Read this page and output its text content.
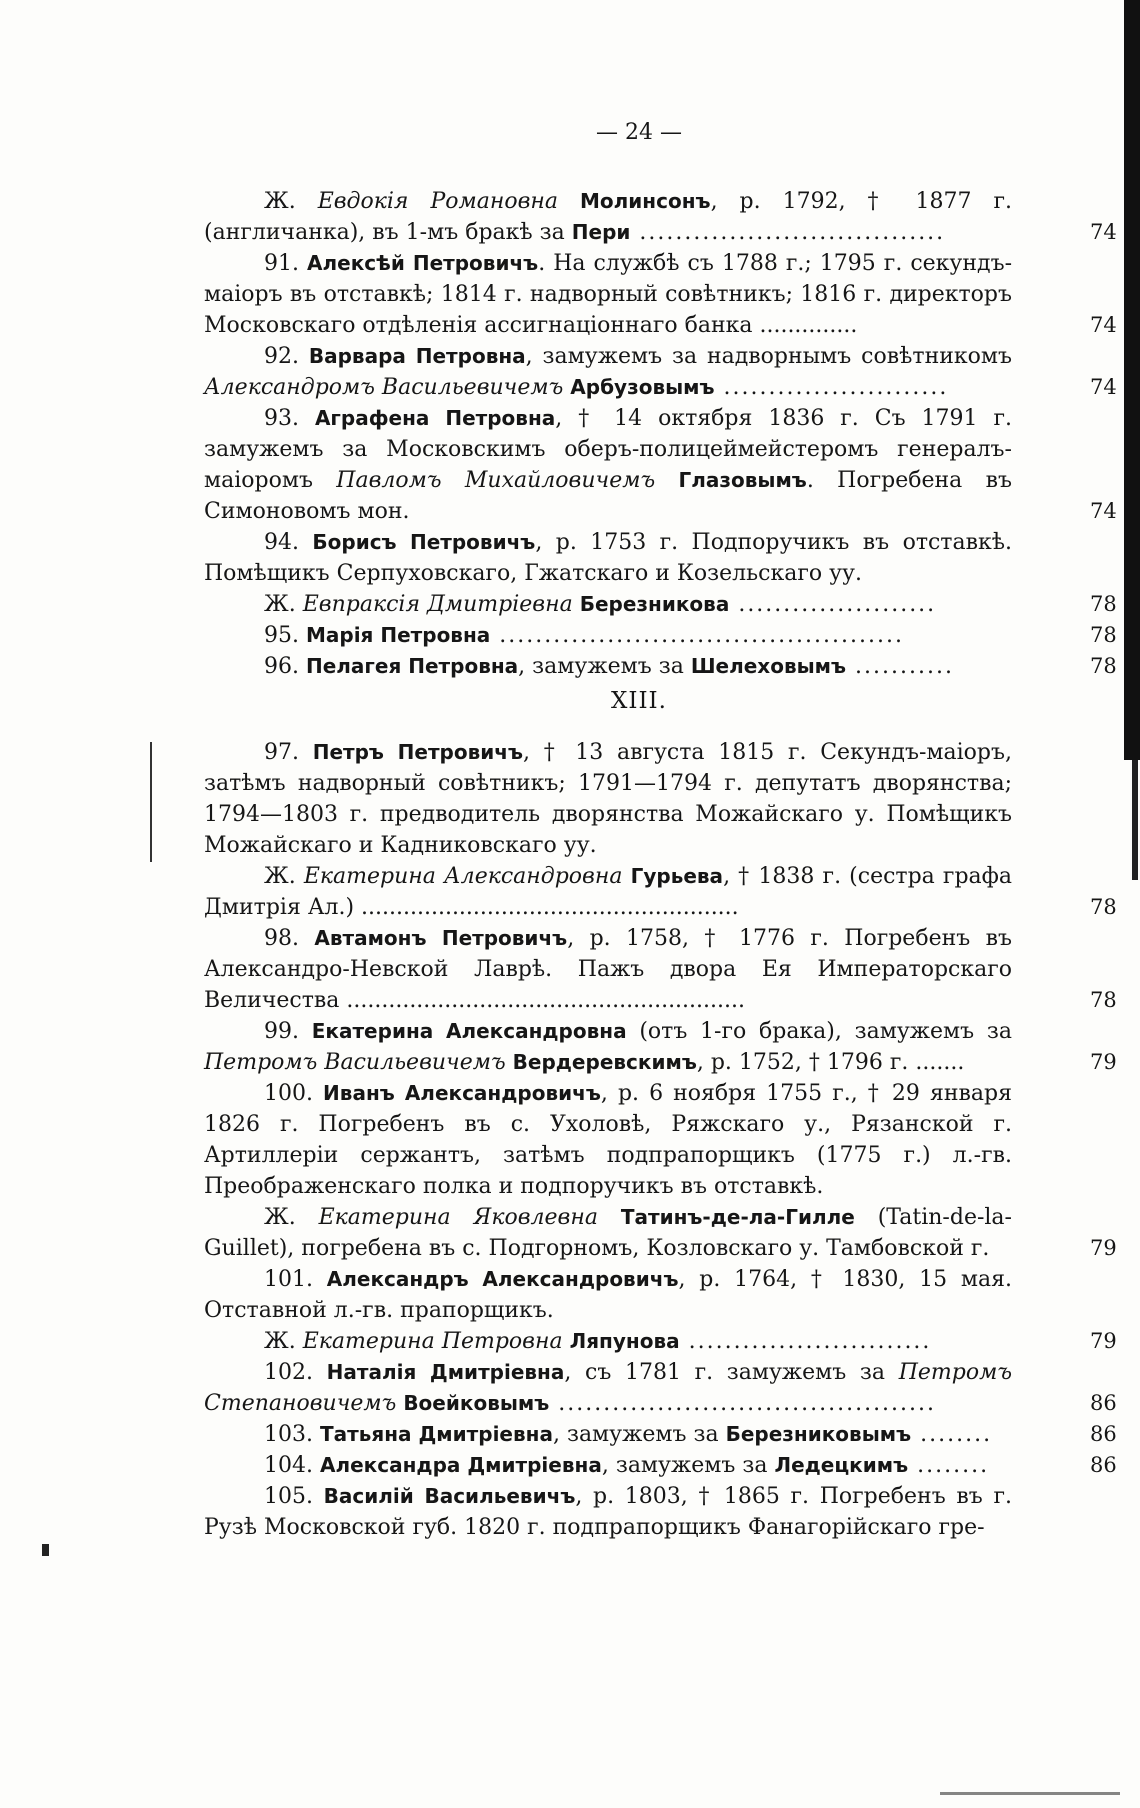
— 24 —

Ж. Евдокія Романовна Молинсонъ, р. 1792, † 1877 г. (англичанка), въ 1-мъ бракѣ за Пери ..................................	74

91. Алексѣй Петровичъ. На службѣ съ 1788 г.; 1795 г. секундъ-маіоръ въ отставкѣ; 1814 г. надворный совѣтникъ; 1816 г. директоръ Московскаго отдѣленія ассигнаціоннаго банка ..............	74

92. Варвара Петровна, замужемъ за надворнымъ совѣтникомъ Александромъ Васильевичемъ Арбузовымъ .........................	74

93. Аграфена Петровна, † 14 октября 1836 г. Съ 1791 г. замужемъ за Московскимъ оберъ-полицеймейстеромъ генералъ-маіоромъ Павломъ Михайловичемъ Глазовымъ. Погребена въ Симоновомъ мон.	74

94. Борисъ Петровичъ, р. 1753 г. Подпоручикъ въ отставкѣ. Помѣщикъ Серпуховскаго, Гжатскаго и Козельскаго уу.

Ж. Евпраксія Дмитріевна Березникова ......................	78

95. Марія Петровна .............................................	78

96. Пелагея Петровна, замужемъ за Шелеховымъ ...........	78

XIII.

97. Петръ Петровичъ, † 13 августа 1815 г. Секундъ-маіоръ, затѣмъ надворный совѣтникъ; 1791—1794 г. депутатъ дворянства; 1794—1803 г. предводитель дворянства Можайскаго у. Помѣщикъ Можайскаго и Кадниковскаго уу.

Ж. Екатерина Александровна Гурьева, † 1838 г. (сестра графа Дмитрія Ал.) ......................................................	78

98. Автамонъ Петровичъ, р. 1758, † 1776 г. Погребенъ въ Александро-Невской Лаврѣ. Пажъ двора Ея Императорскаго Величества .........................................................	78

99. Екатерина Александровна (отъ 1-го брака), замужемъ за Петромъ Васильевичемъ Вердеревскимъ, р. 1752, † 1796 г. .......	79

100. Иванъ Александровичъ, р. 6 ноября 1755 г., † 29 января 1826 г. Погребенъ въ с. Ухоловѣ, Ряжскаго у., Рязанской г. Артиллеріи сержантъ, затѣмъ подпрапорщикъ (1775 г.) л.-гв. Преображенскаго полка и подпоручикъ въ отставкѣ.

Ж. Екатерина Яковлевна Татинъ-де-ла-Гилле (Tatin-de-la-Guillet), погребена въ с. Подгорномъ, Козловскаго у. Тамбовской г.	79

101. Александръ Александровичъ, р. 1764, † 1830, 15 мая. Отставной л.-гв. прапорщикъ.

Ж. Екатерина Петровна Ляпунова ...........................	79

102. Наталія Дмитріевна, съ 1781 г. замужемъ за Петромъ Степановичемъ Воейковымъ ..........................................	86

103. Татьяна Дмитріевна, замужемъ за Березниковымъ ........	86

104. Александра Дмитріевна, замужемъ за Ледецкимъ ........	86

105. Василій Васильевичъ, р. 1803, † 1865 г. Погребенъ въ г. Рузѣ Московской губ. 1820 г. подпрапорщикъ Фанагорійскаго гре-
